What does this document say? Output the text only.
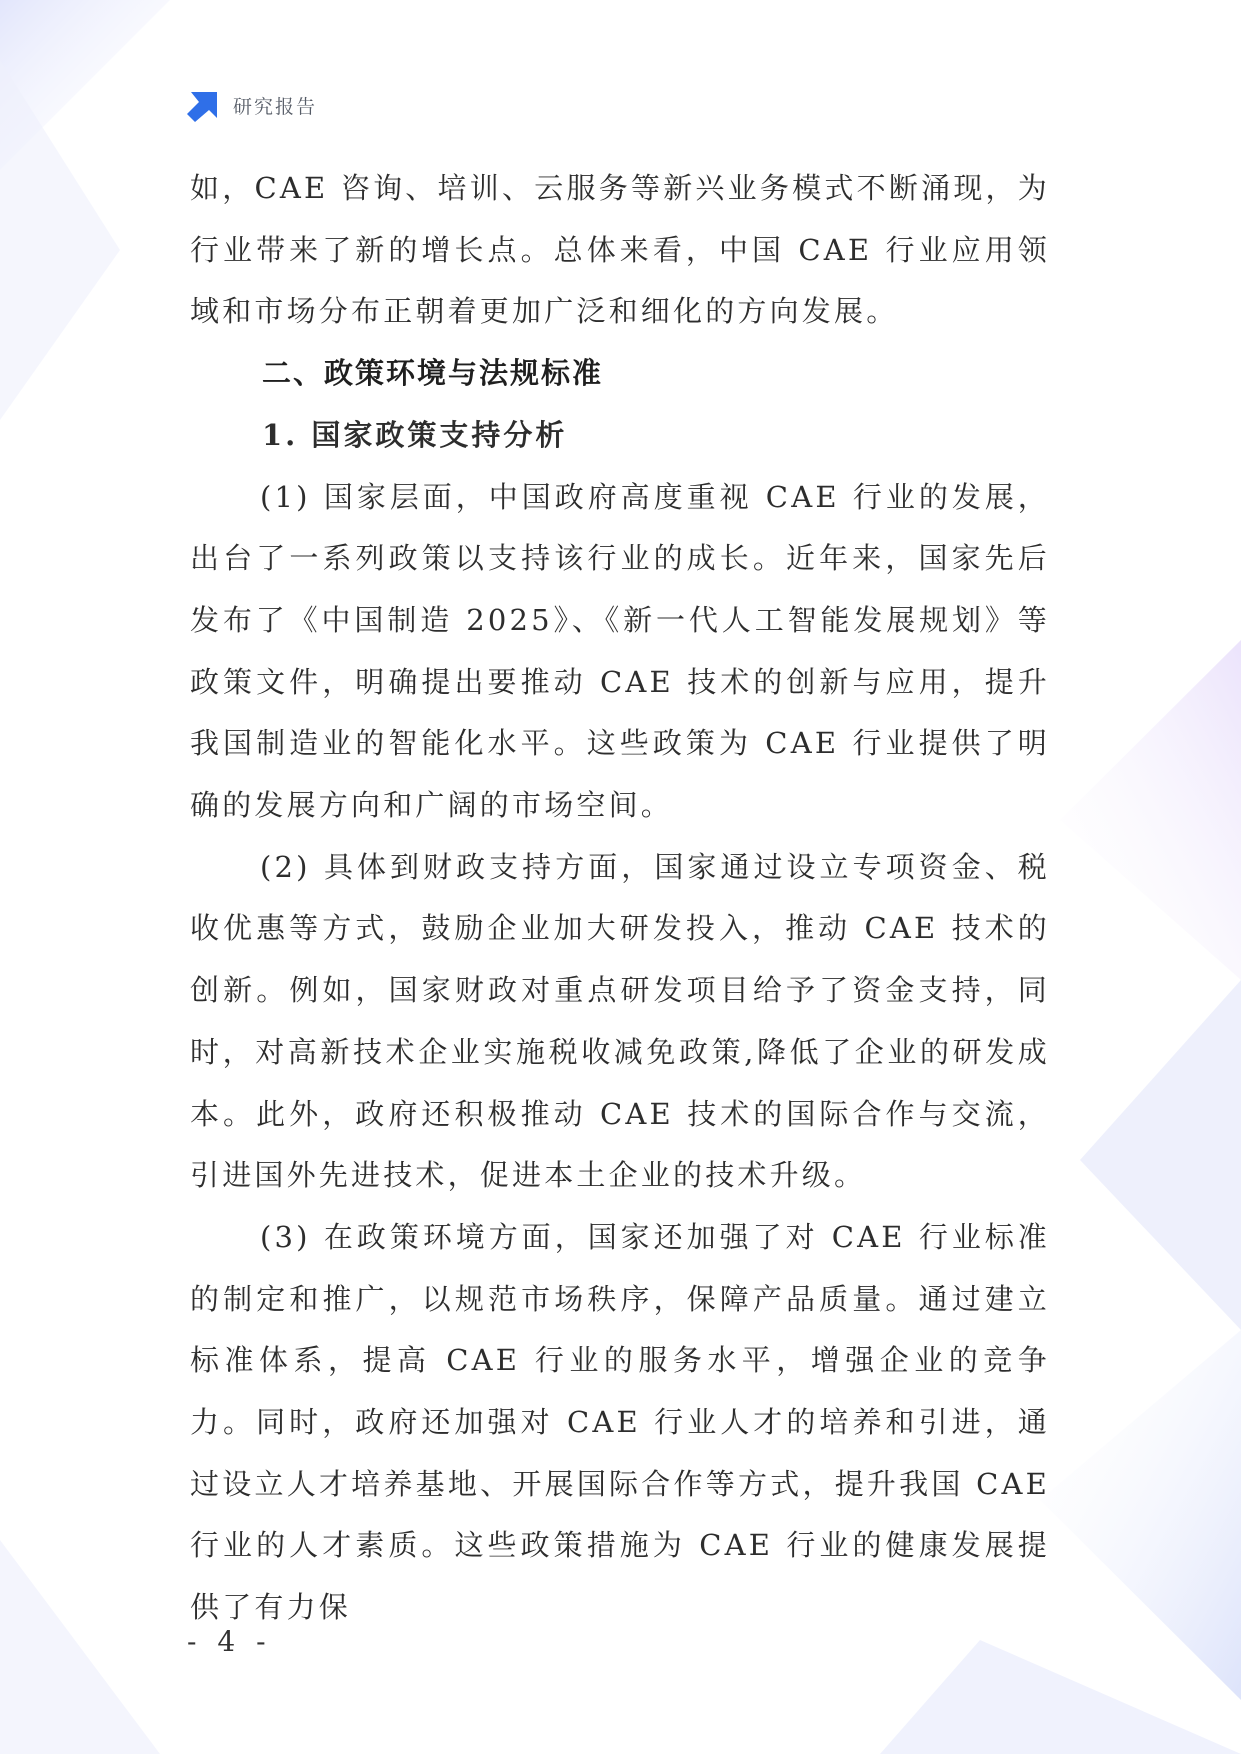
研究报告

如，CAE 咨询、培训、云服务等新兴业务模式不断涌现，为行业带来了新的增长点。总体来看，中国 CAE 行业应用领域和市场分布正朝着更加广泛和细化的方向发展。

二、政策环境与法规标准
1. 国家政策支持分析

(1) 国家层面，中国政府高度重视 CAE 行业的发展，出台了一系列政策以支持该行业的成长。近年来，国家先后发布了《中国制造 2025》、《新一代人工智能发展规划》等政策文件，明确提出要推动 CAE 技术的创新与应用，提升我国制造业的智能化水平。这些政策为 CAE 行业提供了明确的发展方向和广阔的市场空间。

(2) 具体到财政支持方面，国家通过设立专项资金、税收优惠等方式，鼓励企业加大研发投入，推动 CAE 技术的创新。例如，国家财政对重点研发项目给予了资金支持，同时，对高新技术企业实施税收减免政策,降低了企业的研发成本。此外，政府还积极推动 CAE 技术的国际合作与交流，引进国外先进技术，促进本土企业的技术升级。

(3) 在政策环境方面，国家还加强了对 CAE 行业标准的制定和推广，以规范市场秩序，保障产品质量。通过建立标准体系，提高 CAE 行业的服务水平，增强企业的竞争力。同时，政府还加强对 CAE 行业人才的培养和引进，通过设立人才培养基地、开展国际合作等方式，提升我国 CAE 行业的人才素质。这些政策措施为 CAE 行业的健康发展提供了有力保

- 4 -
